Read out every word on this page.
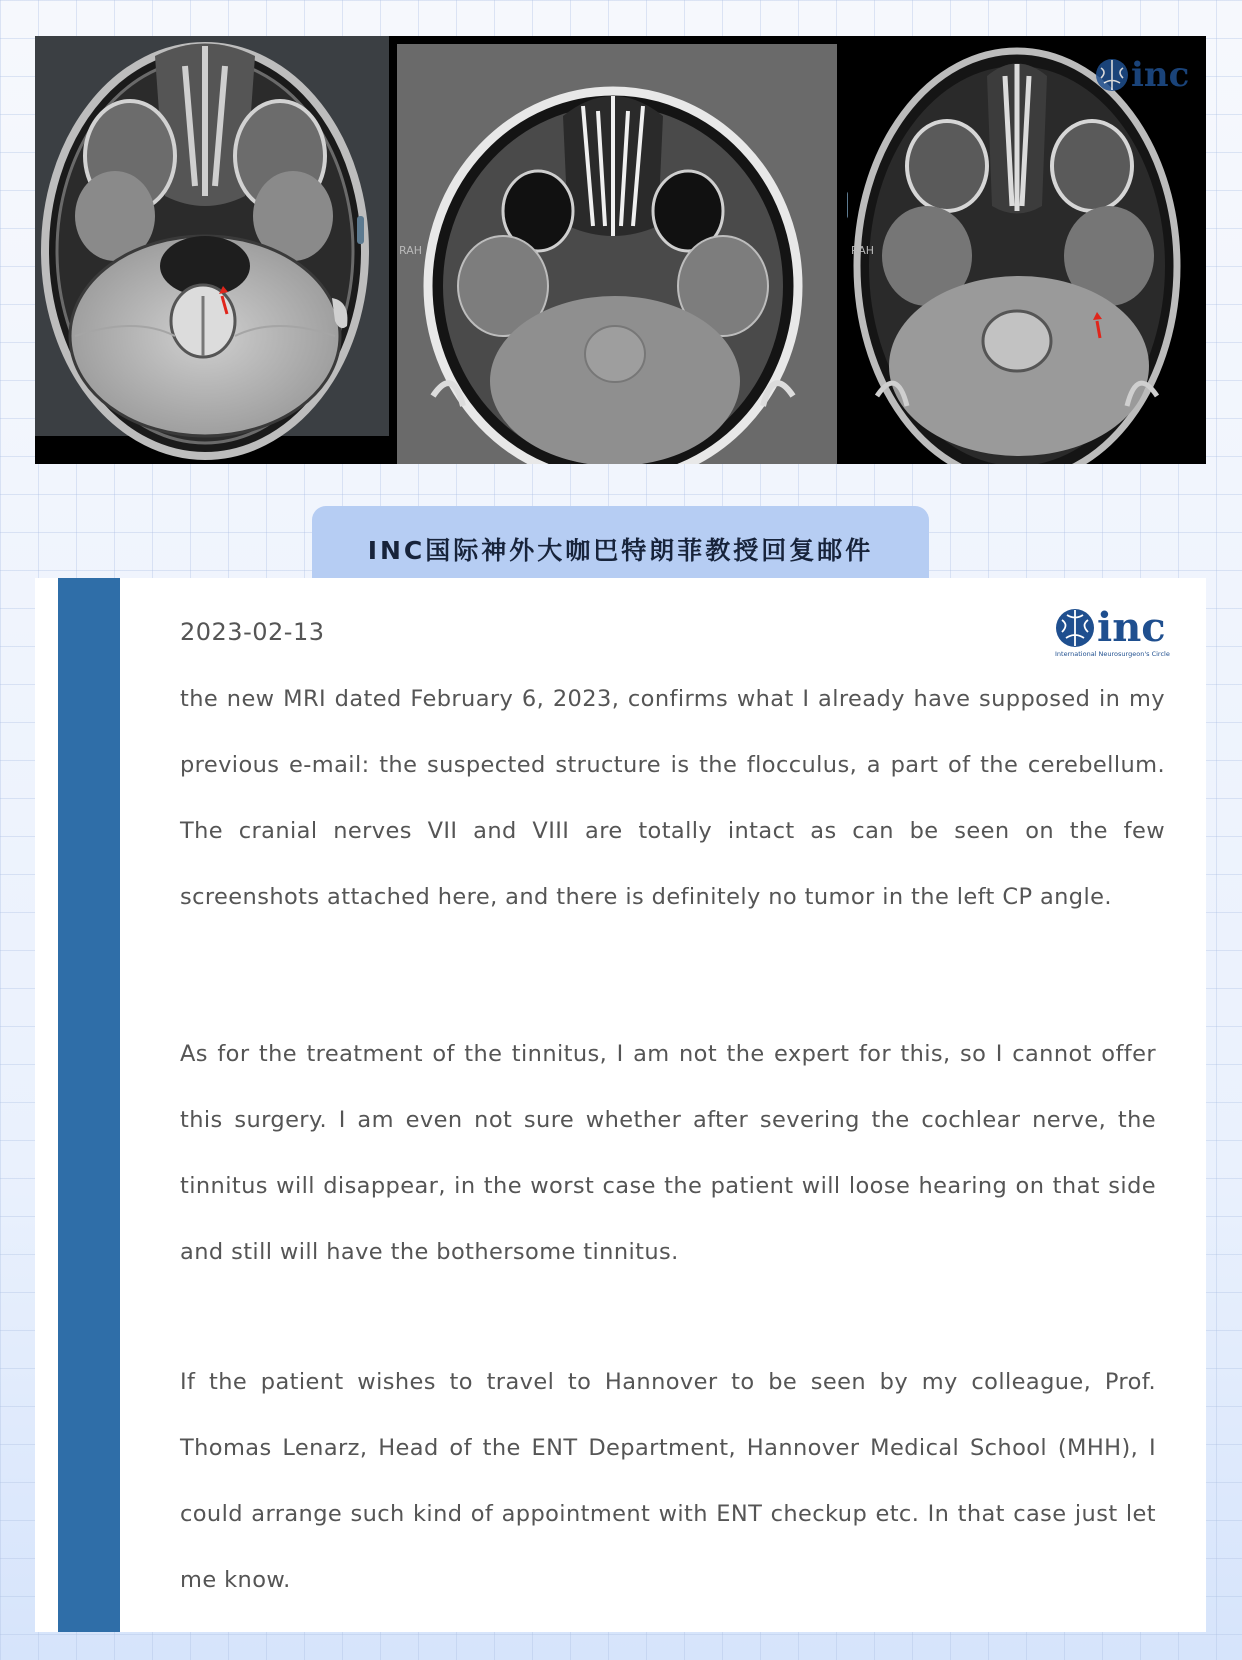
RAH	RAH
inc
INC国际神外大咖巴特朗菲教授回复邮件
2023-02-13	inc
International Neurosurgeon's Circle

the new MRI dated February 6, 2023, confirms what I already have supposed in my previous e-mail: the suspected structure is the flocculus, a part of the cerebellum. The cranial nerves VII and VIII are totally intact as can be seen on the few screenshots attached here, and there is definitely no tumor in the left CP angle.

As for the treatment of the tinnitus, I am not the expert for this, so I cannot offer this surgery. I am even not sure whether after severing the cochlear nerve, the tinnitus will disappear, in the worst case the patient will loose hearing on that side and still will have the bothersome tinnitus.

If the patient wishes to travel to Hannover to be seen by my colleague, Prof. Thomas Lenarz, Head of the ENT Department, Hannover Medical School (MHH), I could arrange such kind of appointment with ENT checkup etc. In that case just let me know.
